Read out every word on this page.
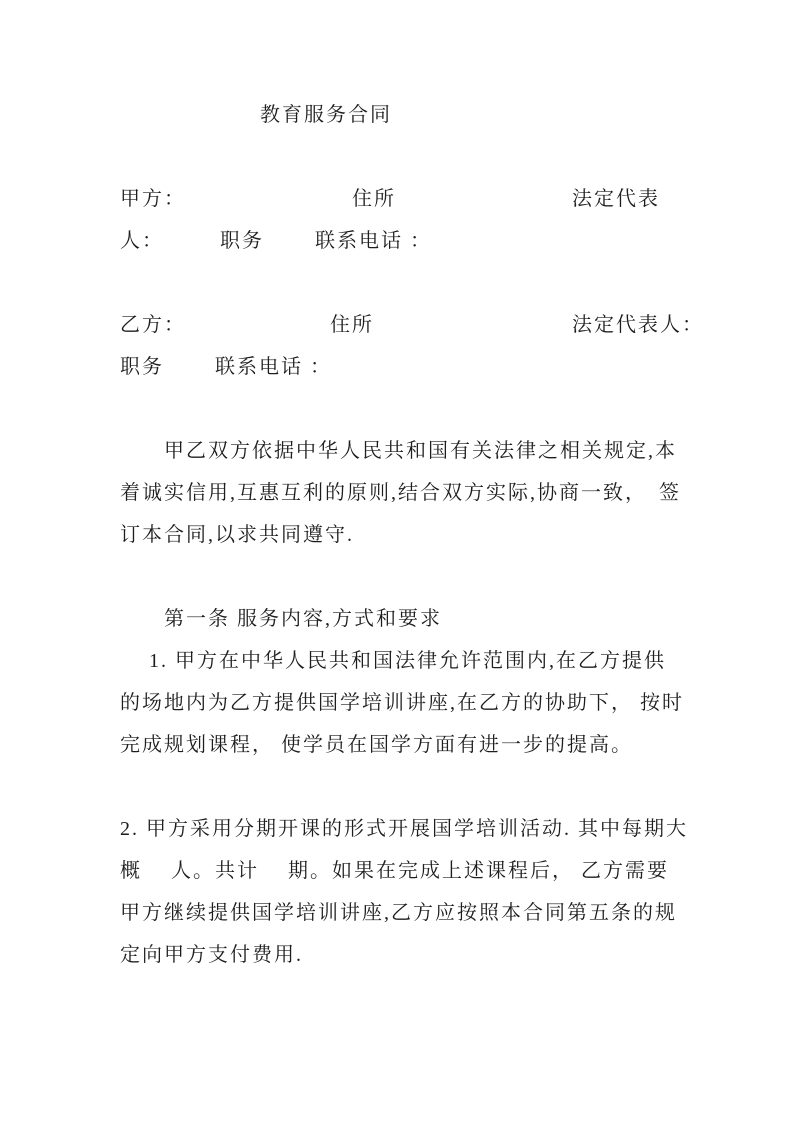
教育服务合同
甲方：　　　　　　　　住所　　　　　　　　法定代表
人：　　　职务　　 联系电话 ：
乙方：　　　　　　　住所　　　　　　　　　法定代表人：
职务　　 联系电话 ：
　　甲乙双方依据中华人民共和国有关法律之相关规定,本
着诚实信用,互惠互利的原则,结合双方实际,协商一致，　签
订本合同,以求共同遵守.
　　第一条 服务内容,方式和要求
　 1. 甲方在中华人民共和国法律允许范围内,在乙方提供
的场地内为乙方提供国学培训讲座,在乙方的协助下， 按时
完成规划课程， 使学员在国学方面有进一步的提高。
2. 甲方采用分期开课的形式开展国学培训活动. 其中每期大
概　 人。共计　 期。如果在完成上述课程后， 乙方需要
甲方继续提供国学培训讲座,乙方应按照本合同第五条的规
定向甲方支付费用.
